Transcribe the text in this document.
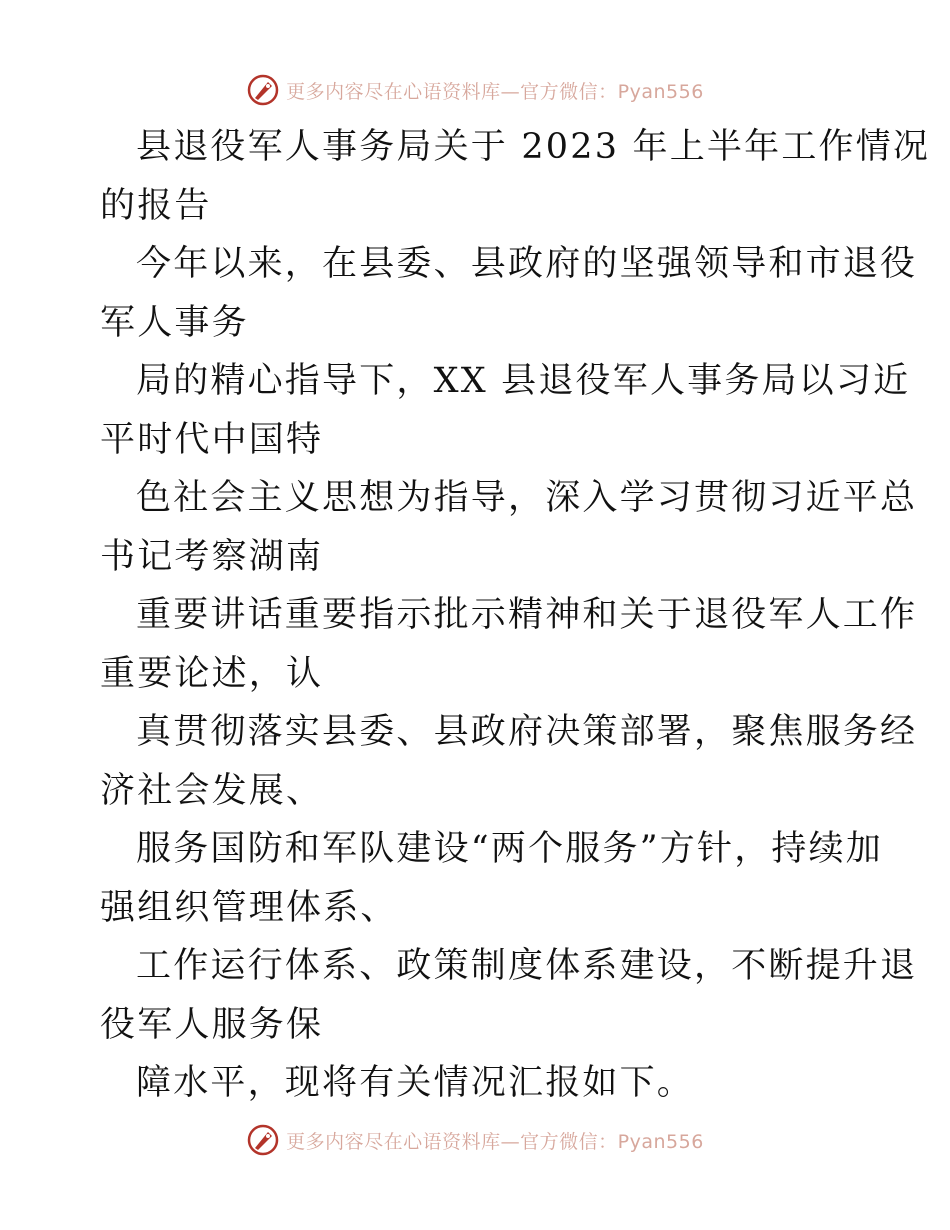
更多内容尽在心语资料库—官方微信：Pyan556

县退役军人事务局关于 2023 年上半年工作情况
的报告

今年以来，在县委、县政府的坚强领导和市退役
军人事务

局的精心指导下，XX 县退役军人事务局以习近
平时代中国特

色社会主义思想为指导，深入学习贯彻习近平总
书记考察湖南

重要讲话重要指示批示精神和关于退役军人工作
重要论述，认

真贯彻落实县委、县政府决策部署，聚焦服务经
济社会发展、

服务国防和军队建设“两个服务”方针，持续加
强组织管理体系、

工作运行体系、政策制度体系建设，不断提升退
役军人服务保

障水平，现将有关情况汇报如下。

更多内容尽在心语资料库—官方微信：Pyan556
